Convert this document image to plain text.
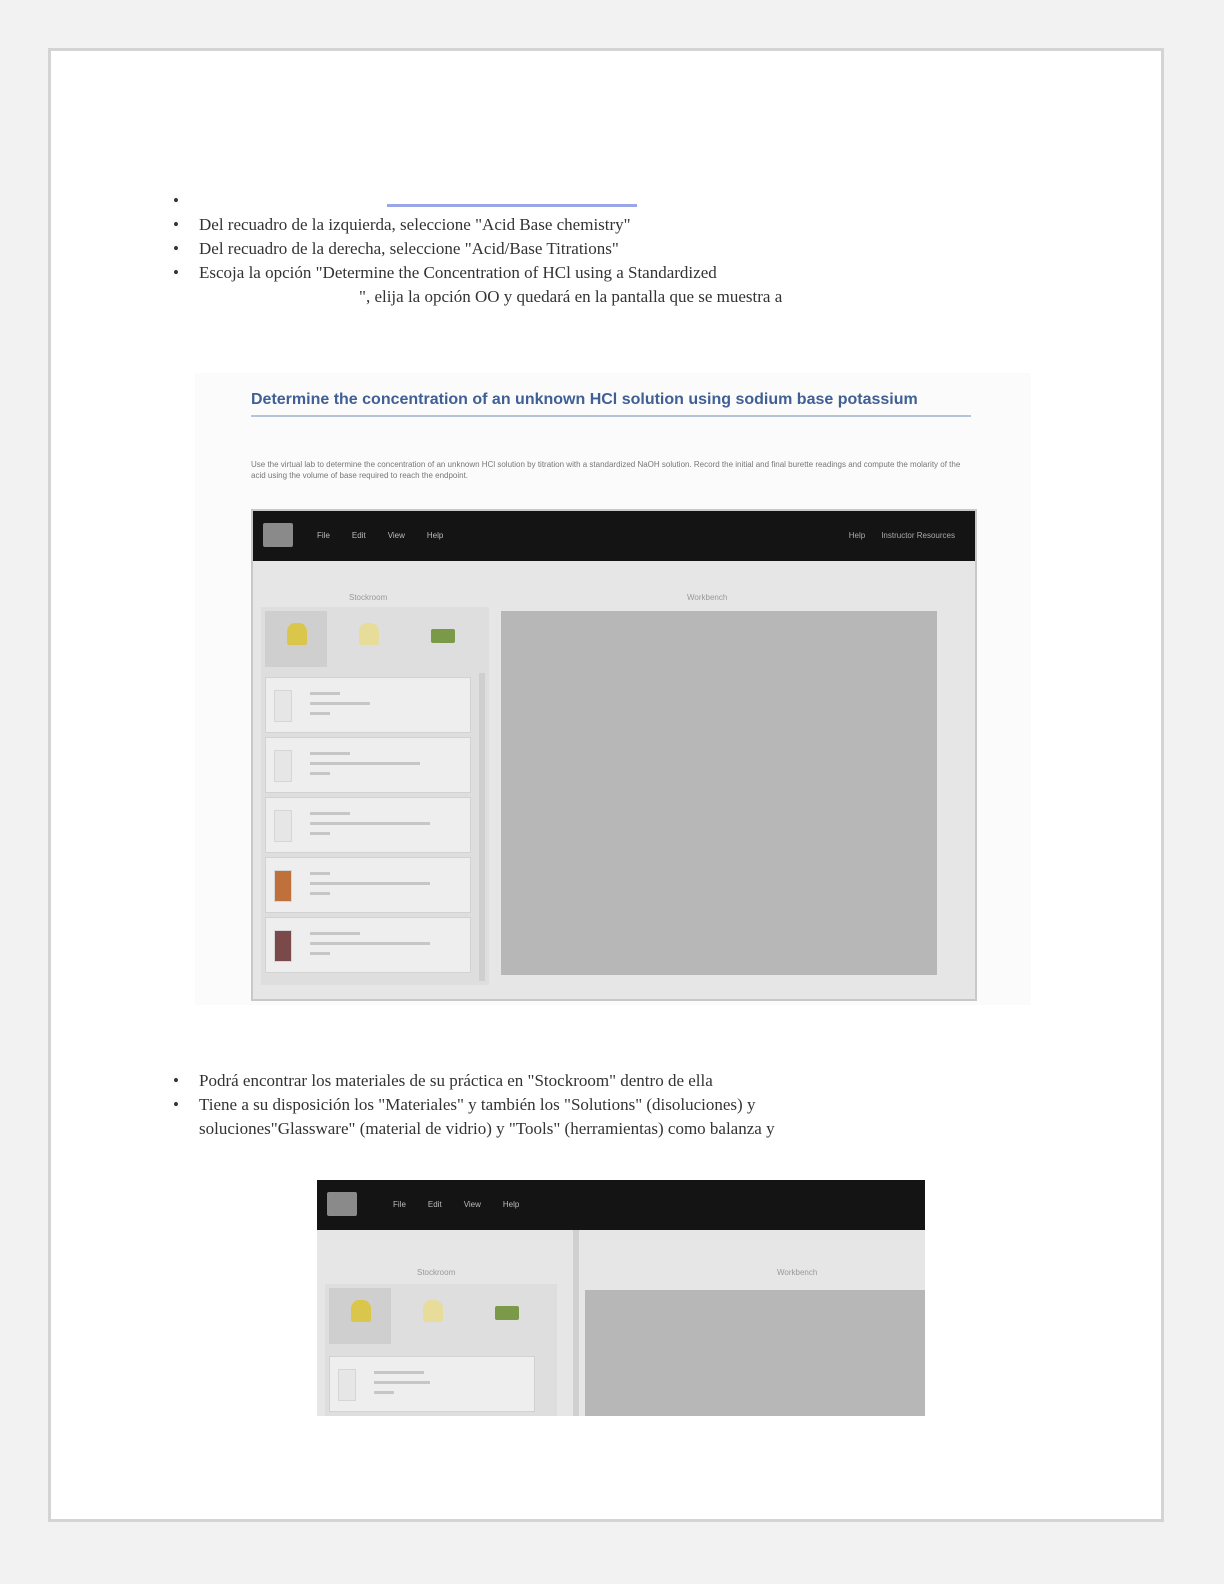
•
•	Del recuadro de la izquierda, seleccione "Acid Base chemistry"
•	Del recuadro de la derecha, seleccione "Acid/Base Titrations"
•	Escoja la opción "Determine the Concentration of HCl using a Standardized
", elija la opción OO y quedará en la pantalla que se muestra a
Determine the concentration of an unknown HCl solution using sodium base potassium
Use the virtual lab to determine the concentration of an unknown HCl solution by titration with a standardized NaOH solution. Record the initial and final burette readings and compute the molarity of the acid using the volume of base required to reach the endpoint.
File	Edit	View	Help	Help Instructor Resources
Stockroom	Workbench
•	Podrá encontrar los materiales de su práctica en "Stockroom" dentro de ella
•	Tiene a su disposición los "Materiales" y también los "Solutions" (disoluciones) y
soluciones"Glassware" (material de vidrio) y "Tools" (herramientas) como balanza y
File	Edit	View	Help
Stockroom	Workbench
